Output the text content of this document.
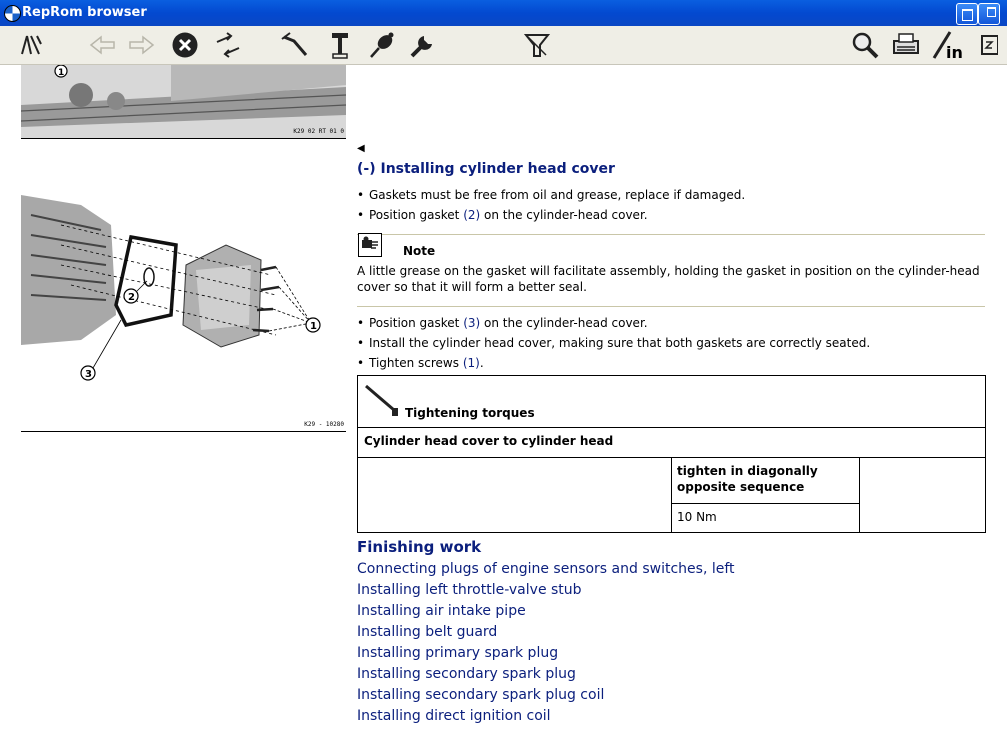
RepRom browser
in
1
K29 02 RT 01 0
1
2
3
K29 - 10280
◀
(-) Installing cylinder head cover
• Gaskets must be free from oil and grease, replace if damaged.
• Position gasket (2) on the cylinder-head cover.
Note
A little grease on the gasket will facilitate assembly, holding the gasket in position on the cylinder-head cover so that it will form a better seal.
• Position gasket (3) on the cylinder-head cover.
• Install the cylinder head cover, making sure that both gaskets are correctly seated.
• Tighten screws (1).
Tightening torques

Cylinder head cover to cylinder head

tighten in diagonally opposite sequence

10 Nm
Finishing work
Connecting plugs of engine sensors and switches, left
Installing left throttle-valve stub
Installing air intake pipe
Installing belt guard
Installing primary spark plug
Installing secondary spark plug
Installing secondary spark plug coil
Installing direct ignition coil
